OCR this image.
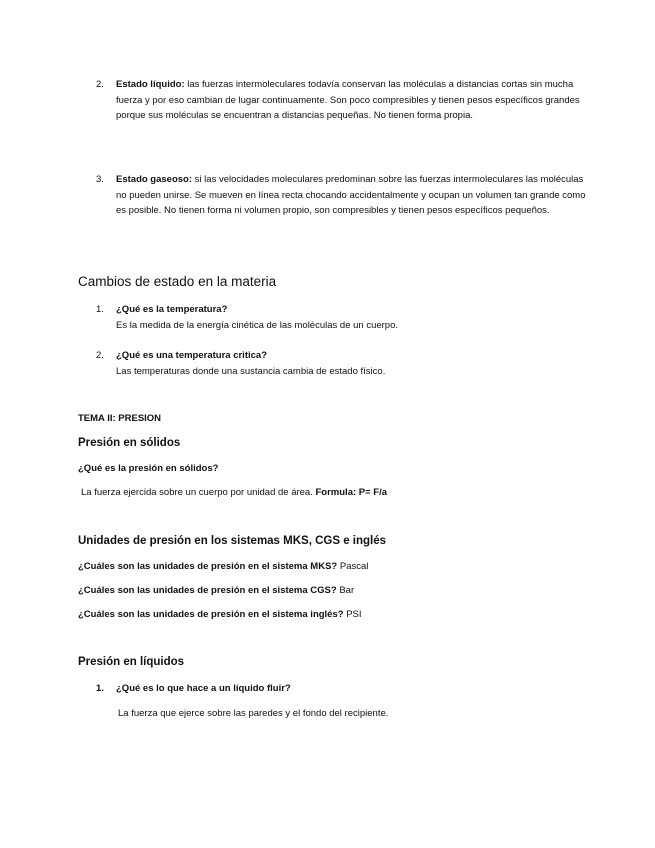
2.	Estado líquido: las fuerzas intermoleculares todavía conservan las moléculas a distancias cortas sin mucha fuerza y por eso cambian de lugar continuamente. Son poco compresibles y tienen pesos específicos grandes porque sus moléculas se encuentran a distancias pequeñas. No tienen forma propia.
3.	Estado gaseoso: si las velocidades moleculares predominan sobre las fuerzas intermoleculares las moléculas no pueden unirse. Se mueven en línea recta chocando accidentalmente y ocupan un volumen tan grande como es posible. No tienen forma ni volumen propio, son compresibles y tienen pesos específicos pequeños.
Cambios de estado en la materia
1.	¿Qué es la temperatura?
Es la medida de la energía cinética de las moléculas de un cuerpo.
2.	¿Qué es una temperatura critica?
Las temperaturas donde una sustancia cambia de estado físico.
TEMA II: PRESION
Presión en sólidos
¿Qué es la presión en sólidos?
La fuerza ejercida sobre un cuerpo por unidad de área. Formula: P= F/a
Unidades de presión en los sistemas MKS, CGS e inglés
¿Cuáles son las unidades de presión en el sistema MKS? Pascal
¿Cuáles son las unidades de presión en el sistema CGS? Bar
¿Cuáles son las unidades de presión en el sistema inglés? PSI
Presión en líquidos
1.	¿Qué es lo que hace a un líquido fluir?
La fuerza que ejerce sobre las paredes y el fondo del recipiente.
